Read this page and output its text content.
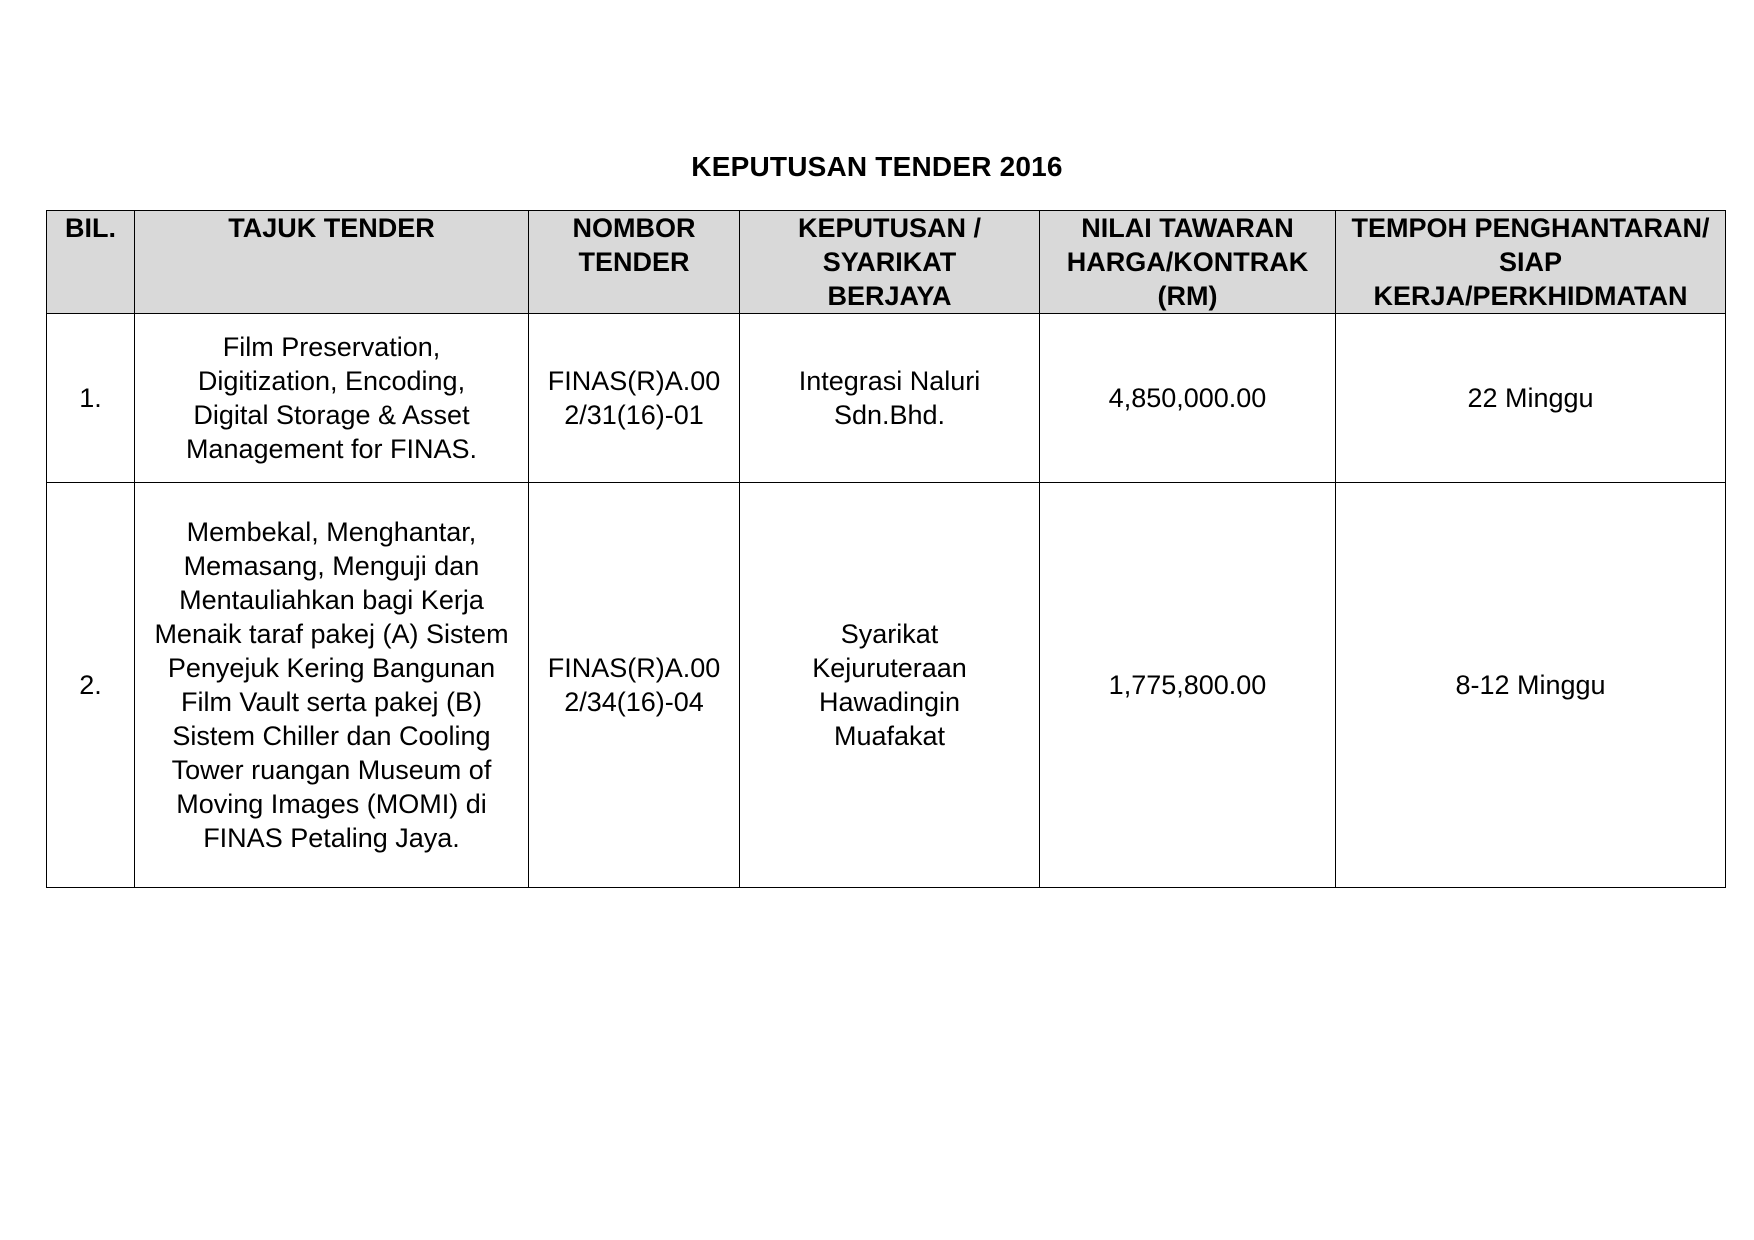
KEPUTUSAN TENDER 2016
BIL.	TAJUK TENDER	NOMBOR TENDER	KEPUTUSAN / SYARIKAT BERJAYA	NILAI TAWARAN HARGA/KONTRAK (RM)	TEMPOH PENGHANTARAN/ SIAP KERJA/PERKHIDMATAN
1.	Film Preservation, Digitization, Encoding, Digital Storage & Asset Management for FINAS.	FINAS(R)A.002/31(16)-01	Integrasi Naluri Sdn.Bhd.	4,850,000.00	22 Minggu
2.	Membekal, Menghantar, Memasang, Menguji dan Mentauliahkan bagi Kerja Menaik taraf pakej (A) Sistem Penyejuk Kering Bangunan Film Vault serta pakej (B) Sistem Chiller dan Cooling Tower ruangan Museum of Moving Images (MOMI) di FINAS Petaling Jaya.	FINAS(R)A.002/34(16)-04	Syarikat Kejuruteraan Hawadingin Muafakat	1,775,800.00	8-12 Minggu
